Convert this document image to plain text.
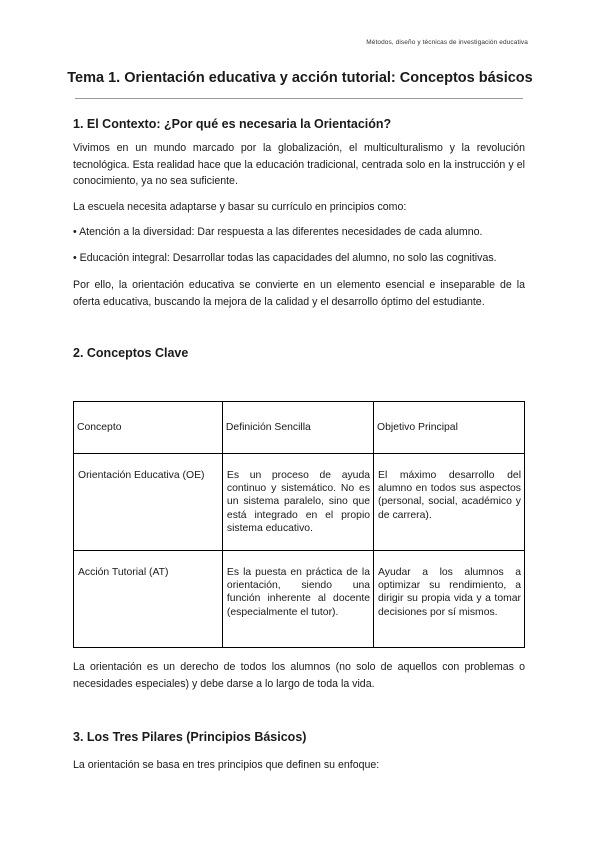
Métodos, diseño y técnicas de investigación educativa
Tema 1. Orientación educativa y acción tutorial: Conceptos básicos
1. El Contexto: ¿Por qué es necesaria la Orientación?

Vivimos en un mundo marcado por la globalización, el multiculturalismo y la revolución tecnológica. Esta realidad hace que la educación tradicional, centrada solo en la instrucción y el conocimiento, ya no sea suficiente.

La escuela necesita adaptarse y basar su currículo en principios como:

• Atención a la diversidad: Dar respuesta a las diferentes necesidades de cada alumno.

• Educación integral: Desarrollar todas las capacidades del alumno, no solo las cognitivas.

Por ello, la orientación educativa se convierte en un elemento esencial e inseparable de la oferta educativa, buscando la mejora de la calidad y el desarrollo óptimo del estudiante.

2. Conceptos Clave
Concepto	Definición Sencilla	Objetivo Principal

Orientación Educativa (OE)	Es un proceso de ayuda continuo y sistemático. No es un sistema paralelo, sino que está integrado en el propio sistema educativo.	El máximo desarrollo del alumno en todos sus aspectos (personal, social, académico y de carrera).

Acción Tutorial (AT)	Es la puesta en práctica de la orientación, siendo una función inherente al docente (especialmente el tutor).	Ayudar a los alumnos a optimizar su rendimiento, a dirigir su propia vida y a tomar decisiones por sí mismos.

La orientación es un derecho de todos los alumnos (no solo de aquellos con problemas o necesidades especiales) y debe darse a lo largo de toda la vida.

3. Los Tres Pilares (Principios Básicos)

La orientación se basa en tres principios que definen su enfoque:
